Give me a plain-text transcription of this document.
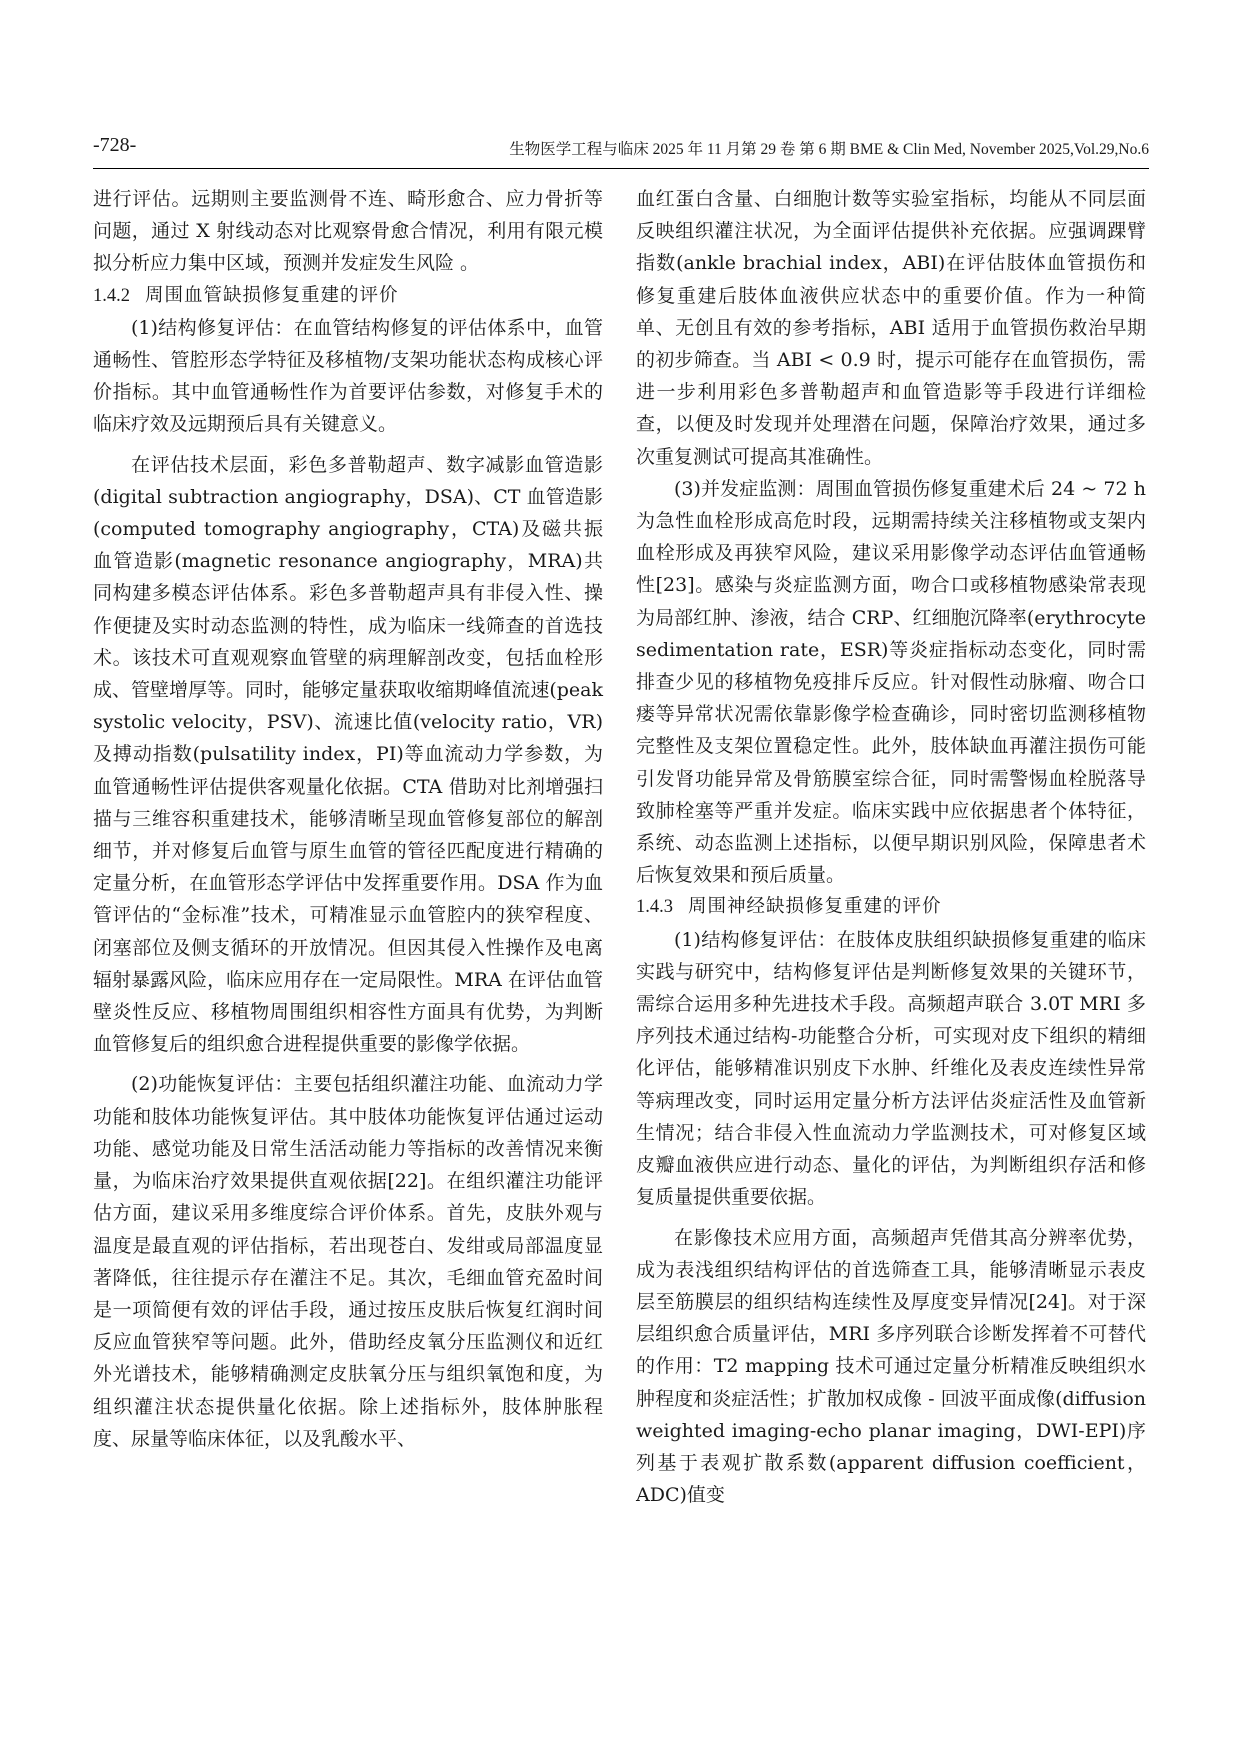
-728-	生物医学工程与临床 2025 年 11 月第 29 卷 第 6 期 BME & Clin Med, November 2025,Vol.29,No.6

进行评估。远期则主要监测骨不连、畸形愈合、应力骨折等问题，通过 X 射线动态对比观察骨愈合情况，利用有限元模拟分析应力集中区域，预测并发症发生风险 。

1.4.2 周围血管缺损修复重建的评价

(1)结构修复评估：在血管结构修复的评估体系中，血管通畅性、管腔形态学特征及移植物/支架功能状态构成核心评价指标。其中血管通畅性作为首要评估参数，对修复手术的临床疗效及远期预后具有关键意义。

在评估技术层面，彩色多普勒超声、数字减影血管造影(digital subtraction angiography，DSA)、CT 血管造影(computed tomography angiography，CTA)及磁共振血管造影(magnetic resonance angiography，MRA)共同构建多模态评估体系。彩色多普勒超声具有非侵入性、操作便捷及实时动态监测的特性，成为临床一线筛查的首选技术。该技术可直观观察血管壁的病理解剖改变，包括血栓形成、管壁增厚等。同时，能够定量获取收缩期峰值流速(peak systolic velocity，PSV)、流速比值(velocity ratio，VR)及搏动指数(pulsatility index，PI)等血流动力学参数，为血管通畅性评估提供客观量化依据。CTA 借助对比剂增强扫描与三维容积重建技术，能够清晰呈现血管修复部位的解剖细节，并对修复后血管与原生血管的管径匹配度进行精确的定量分析，在血管形态学评估中发挥重要作用。DSA 作为血管评估的“金标准”技术，可精准显示血管腔内的狭窄程度、闭塞部位及侧支循环的开放情况。但因其侵入性操作及电离辐射暴露风险，临床应用存在一定局限性。MRA 在评估血管壁炎性反应、移植物周围组织相容性方面具有优势，为判断血管修复后的组织愈合进程提供重要的影像学依据。

(2)功能恢复评估：主要包括组织灌注功能、血流动力学功能和肢体功能恢复评估。其中肢体功能恢复评估通过运动功能、感觉功能及日常生活活动能力等指标的改善情况来衡量，为临床治疗效果提供直观依据[22]。在组织灌注功能评估方面，建议采用多维度综合评价体系。首先，皮肤外观与温度是最直观的评估指标，若出现苍白、发绀或局部温度显著降低，往往提示存在灌注不足。其次，毛细血管充盈时间是一项简便有效的评估手段，通过按压皮肤后恢复红润时间反应血管狭窄等问题。此外，借助经皮氧分压监测仪和近红外光谱技术，能够精确测定皮肤氧分压与组织氧饱和度，为组织灌注状态提供量化依据。除上述指标外，肢体肿胀程度、尿量等临床体征，以及乳酸水平、

血红蛋白含量、白细胞计数等实验室指标，均能从不同层面反映组织灌注状况，为全面评估提供补充依据。应强调踝臂指数(ankle brachial index，ABI)在评估肢体血管损伤和修复重建后肢体血液供应状态中的重要价值。作为一种简单、无创且有效的参考指标，ABI 适用于血管损伤救治早期的初步筛查。当 ABI < 0.9 时，提示可能存在血管损伤，需进一步利用彩色多普勒超声和血管造影等手段进行详细检查，以便及时发现并处理潜在问题，保障治疗效果，通过多次重复测试可提高其准确性。

(3)并发症监测：周围血管损伤修复重建术后 24 ~ 72 h 为急性血栓形成高危时段，远期需持续关注移植物或支架内血栓形成及再狭窄风险，建议采用影像学动态评估血管通畅性[23]。感染与炎症监测方面，吻合口或移植物感染常表现为局部红肿、渗液，结合 CRP、红细胞沉降率(erythrocyte sedimentation rate，ESR)等炎症指标动态变化，同时需排查少见的移植物免疫排斥反应。针对假性动脉瘤、吻合口瘘等异常状况需依靠影像学检查确诊，同时密切监测移植物完整性及支架位置稳定性。此外，肢体缺血再灌注损伤可能引发肾功能异常及骨筋膜室综合征，同时需警惕血栓脱落导致肺栓塞等严重并发症。临床实践中应依据患者个体特征，系统、动态监测上述指标，以便早期识别风险，保障患者术后恢复效果和预后质量。

1.4.3 周围神经缺损修复重建的评价

(1)结构修复评估：在肢体皮肤组织缺损修复重建的临床实践与研究中，结构修复评估是判断修复效果的关键环节，需综合运用多种先进技术手段。高频超声联合 3.0T MRI 多序列技术通过结构-功能整合分析，可实现对皮下组织的精细化评估，能够精准识别皮下水肿、纤维化及表皮连续性异常等病理改变，同时运用定量分析方法评估炎症活性及血管新生情况；结合非侵入性血流动力学监测技术，可对修复区域皮瓣血液供应进行动态、量化的评估，为判断组织存活和修复质量提供重要依据。

在影像技术应用方面，高频超声凭借其高分辨率优势，成为表浅组织结构评估的首选筛查工具，能够清晰显示表皮层至筋膜层的组织结构连续性及厚度变异情况[24]。对于深层组织愈合质量评估，MRI 多序列联合诊断发挥着不可替代的作用：T2 mapping 技术可通过定量分析精准反映组织水肿程度和炎症活性；扩散加权成像 - 回波平面成像(diffusion weighted imaging-echo planar imaging，DWI-EPI)序列基于表观扩散系数(apparent diffusion coefficient，ADC)值变
